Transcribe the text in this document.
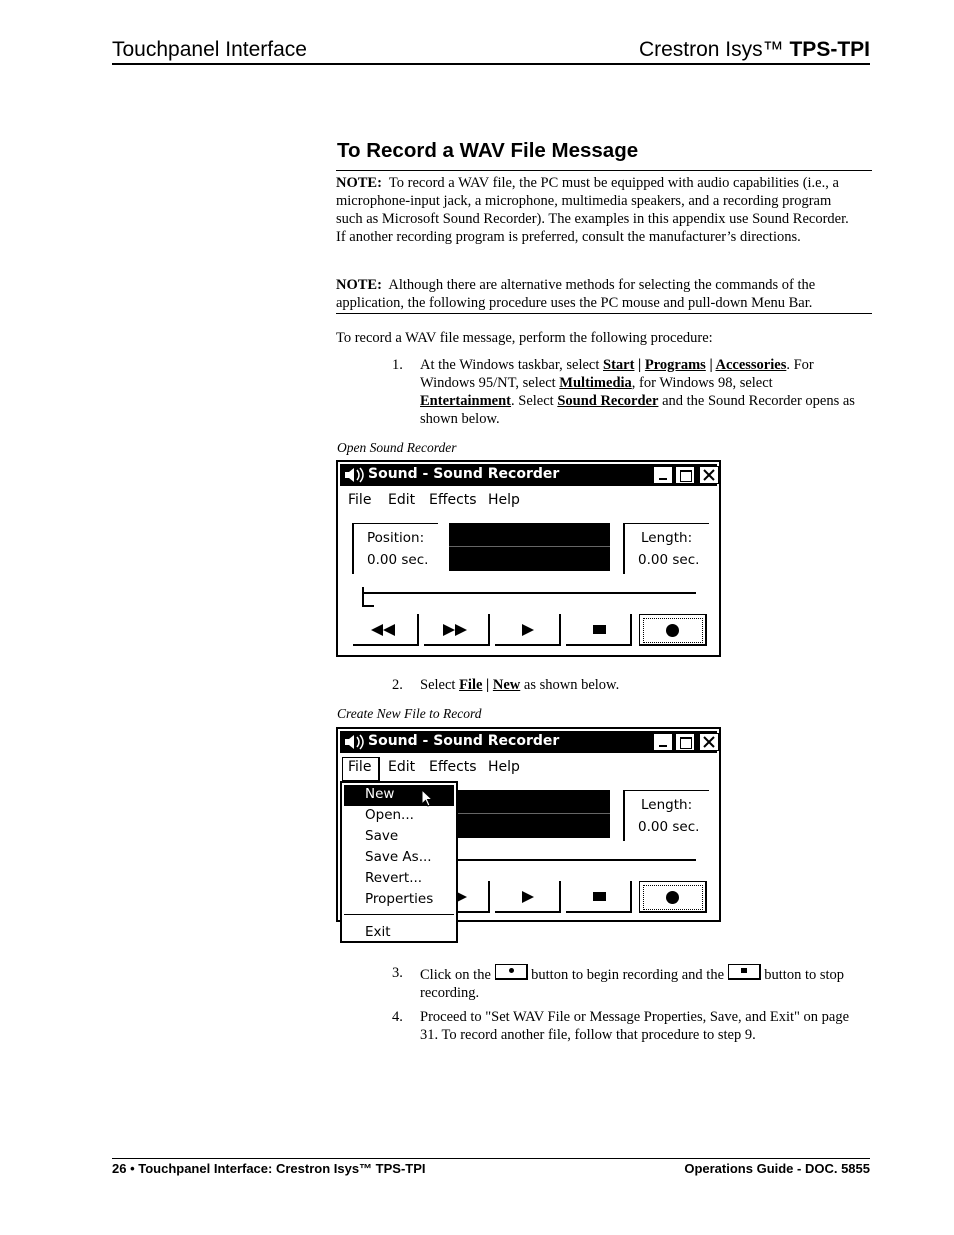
Touchpanel Interface	Crestron Isys™ TPS-TPI
To Record a WAV File Message
NOTE: To record a WAV file, the PC must be equipped with audio capabilities (i.e., a microphone-input jack, a microphone, multimedia speakers, and a recording program such as Microsoft Sound Recorder). The examples in this appendix use Sound Recorder. If another recording program is preferred, consult the manufacturer’s directions.
NOTE: Although there are alternative methods for selecting the commands of the application, the following procedure uses the PC mouse and pull-down Menu Bar.
To record a WAV file message, perform the following procedure:
1. At the Windows taskbar, select Start | Programs | Accessories. For Windows 95/NT, select Multimedia, for Windows 98, select Entertainment. Select Sound Recorder and the Sound Recorder opens as shown below.
Open Sound Recorder
Sound - Sound Recorder
File Edit Effects Help
Position:
0.00 sec.
Length:
0.00 sec.
2. Select File | New as shown below.
Create New File to Record
Sound - Sound Recorder
File Edit Effects Help
Length:
0.00 sec.
New
Open...
Save
Save As...
Revert...
Properties
Exit
3. Click on the
button to begin recording and the
button to stop recording.
4. Proceed to "Set WAV File or Message Properties, Save, and Exit" on page 31. To record another file, follow that procedure to step 9.
26 • Touchpanel Interface: Crestron Isys™ TPS-TPI	Operations Guide - DOC. 5855
